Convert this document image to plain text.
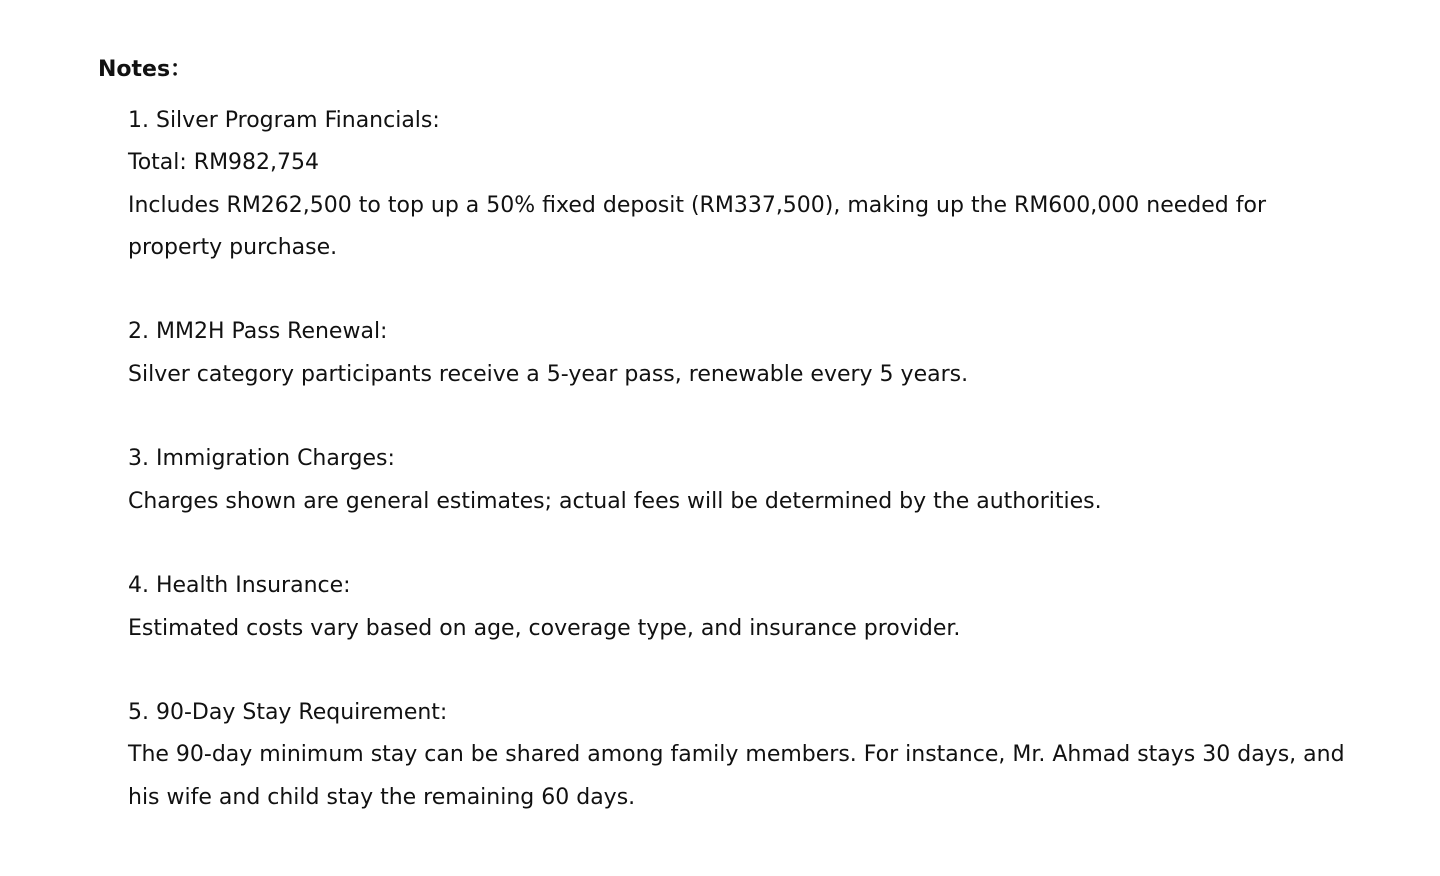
Notes：
1. Silver Program Financials:

Total: RM982,754

Includes RM262,500 to top up a 50% fixed deposit (RM337,500), making up the RM600,000 needed for property purchase.

2. MM2H Pass Renewal:

Silver category participants receive a 5-year pass, renewable every 5 years.

3. Immigration Charges:

Charges shown are general estimates; actual fees will be determined by the authorities.

4. Health Insurance:

Estimated costs vary based on age, coverage type, and insurance provider.

5. 90-Day Stay Requirement:

The 90-day minimum stay can be shared among family members. For instance, Mr. Ahmad stays 30 days, and his wife and child stay the remaining 60 days.
